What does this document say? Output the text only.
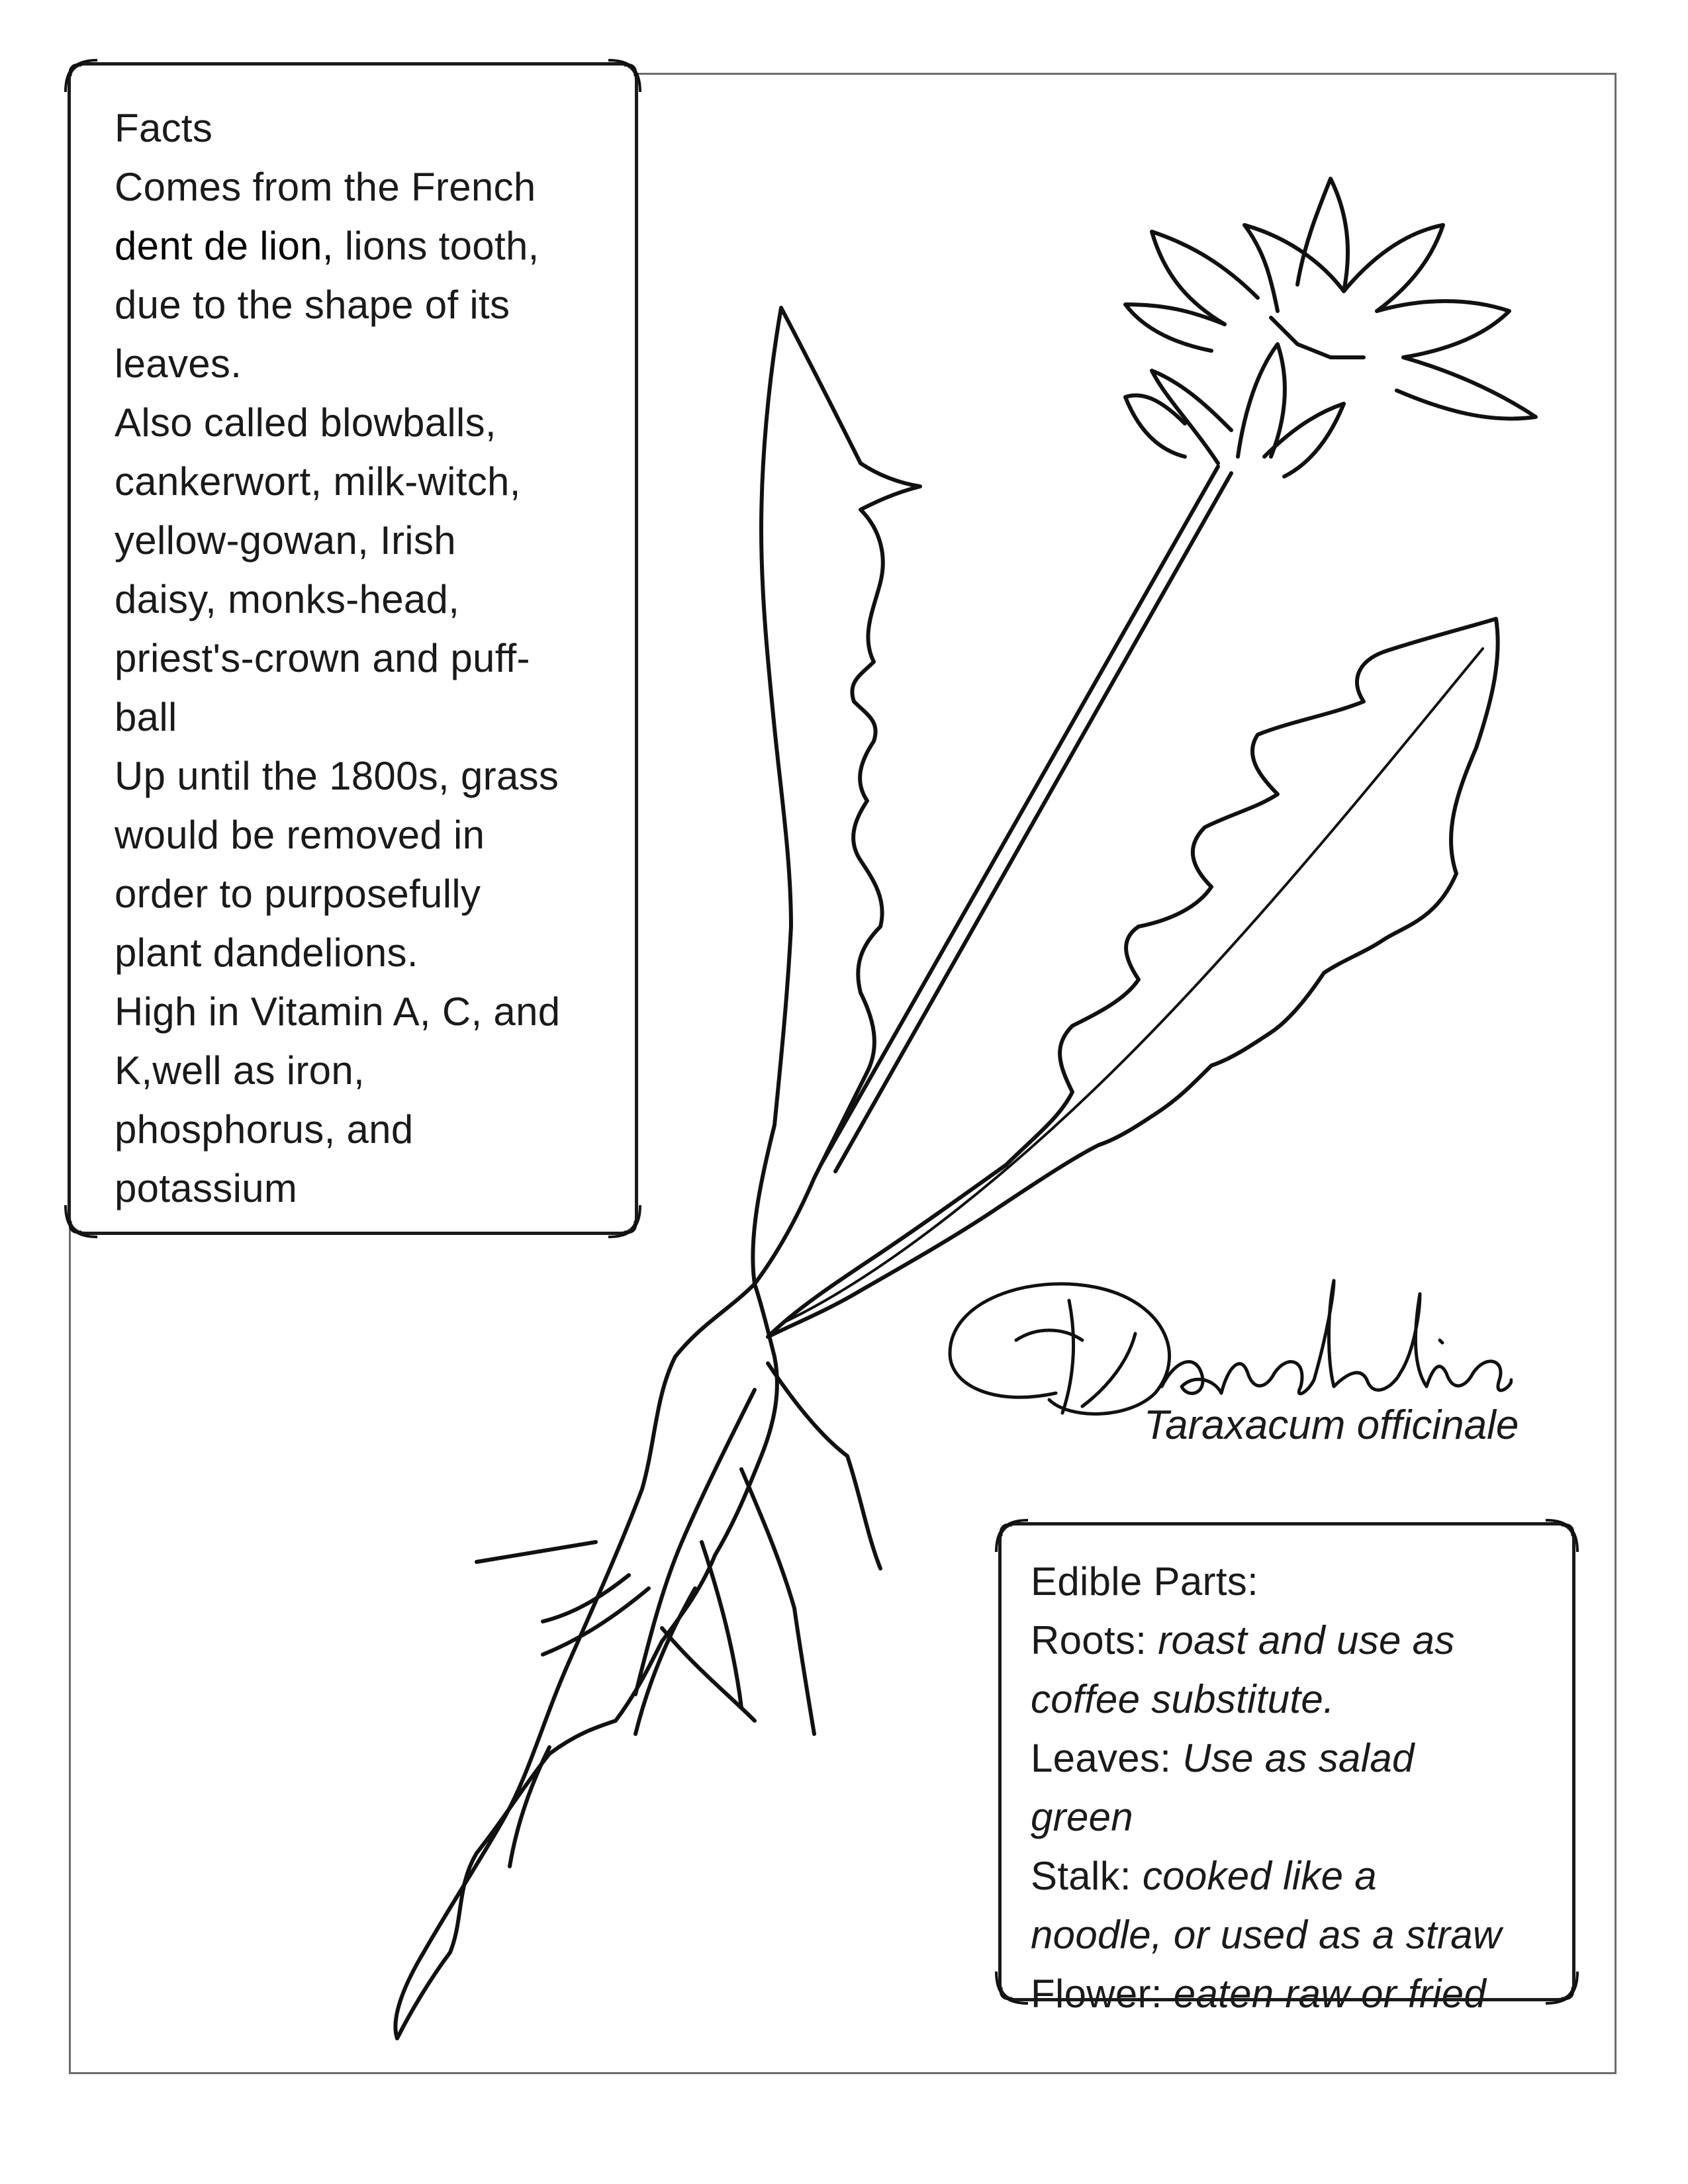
Facts
Comes from the French
dent de lion, lions tooth,
due to the shape of its
leaves.
Also called blowballs,
cankerwort, milk-witch,
yellow-gowan, Irish
daisy, monks-head,
priest's-crown and puff-
ball
Up until the 1800s, grass
would be removed in
order to purposefully
plant dandelions.
High in Vitamin A, C, and
K,well as iron,
phosphorus, and
potassium
Taraxacum officinale
Edible Parts:
Roots: roast and use as
coffee substitute.
Leaves: Use as salad
green
Stalk: cooked like a
noodle, or used as a straw
Flower: eaten raw or fried
